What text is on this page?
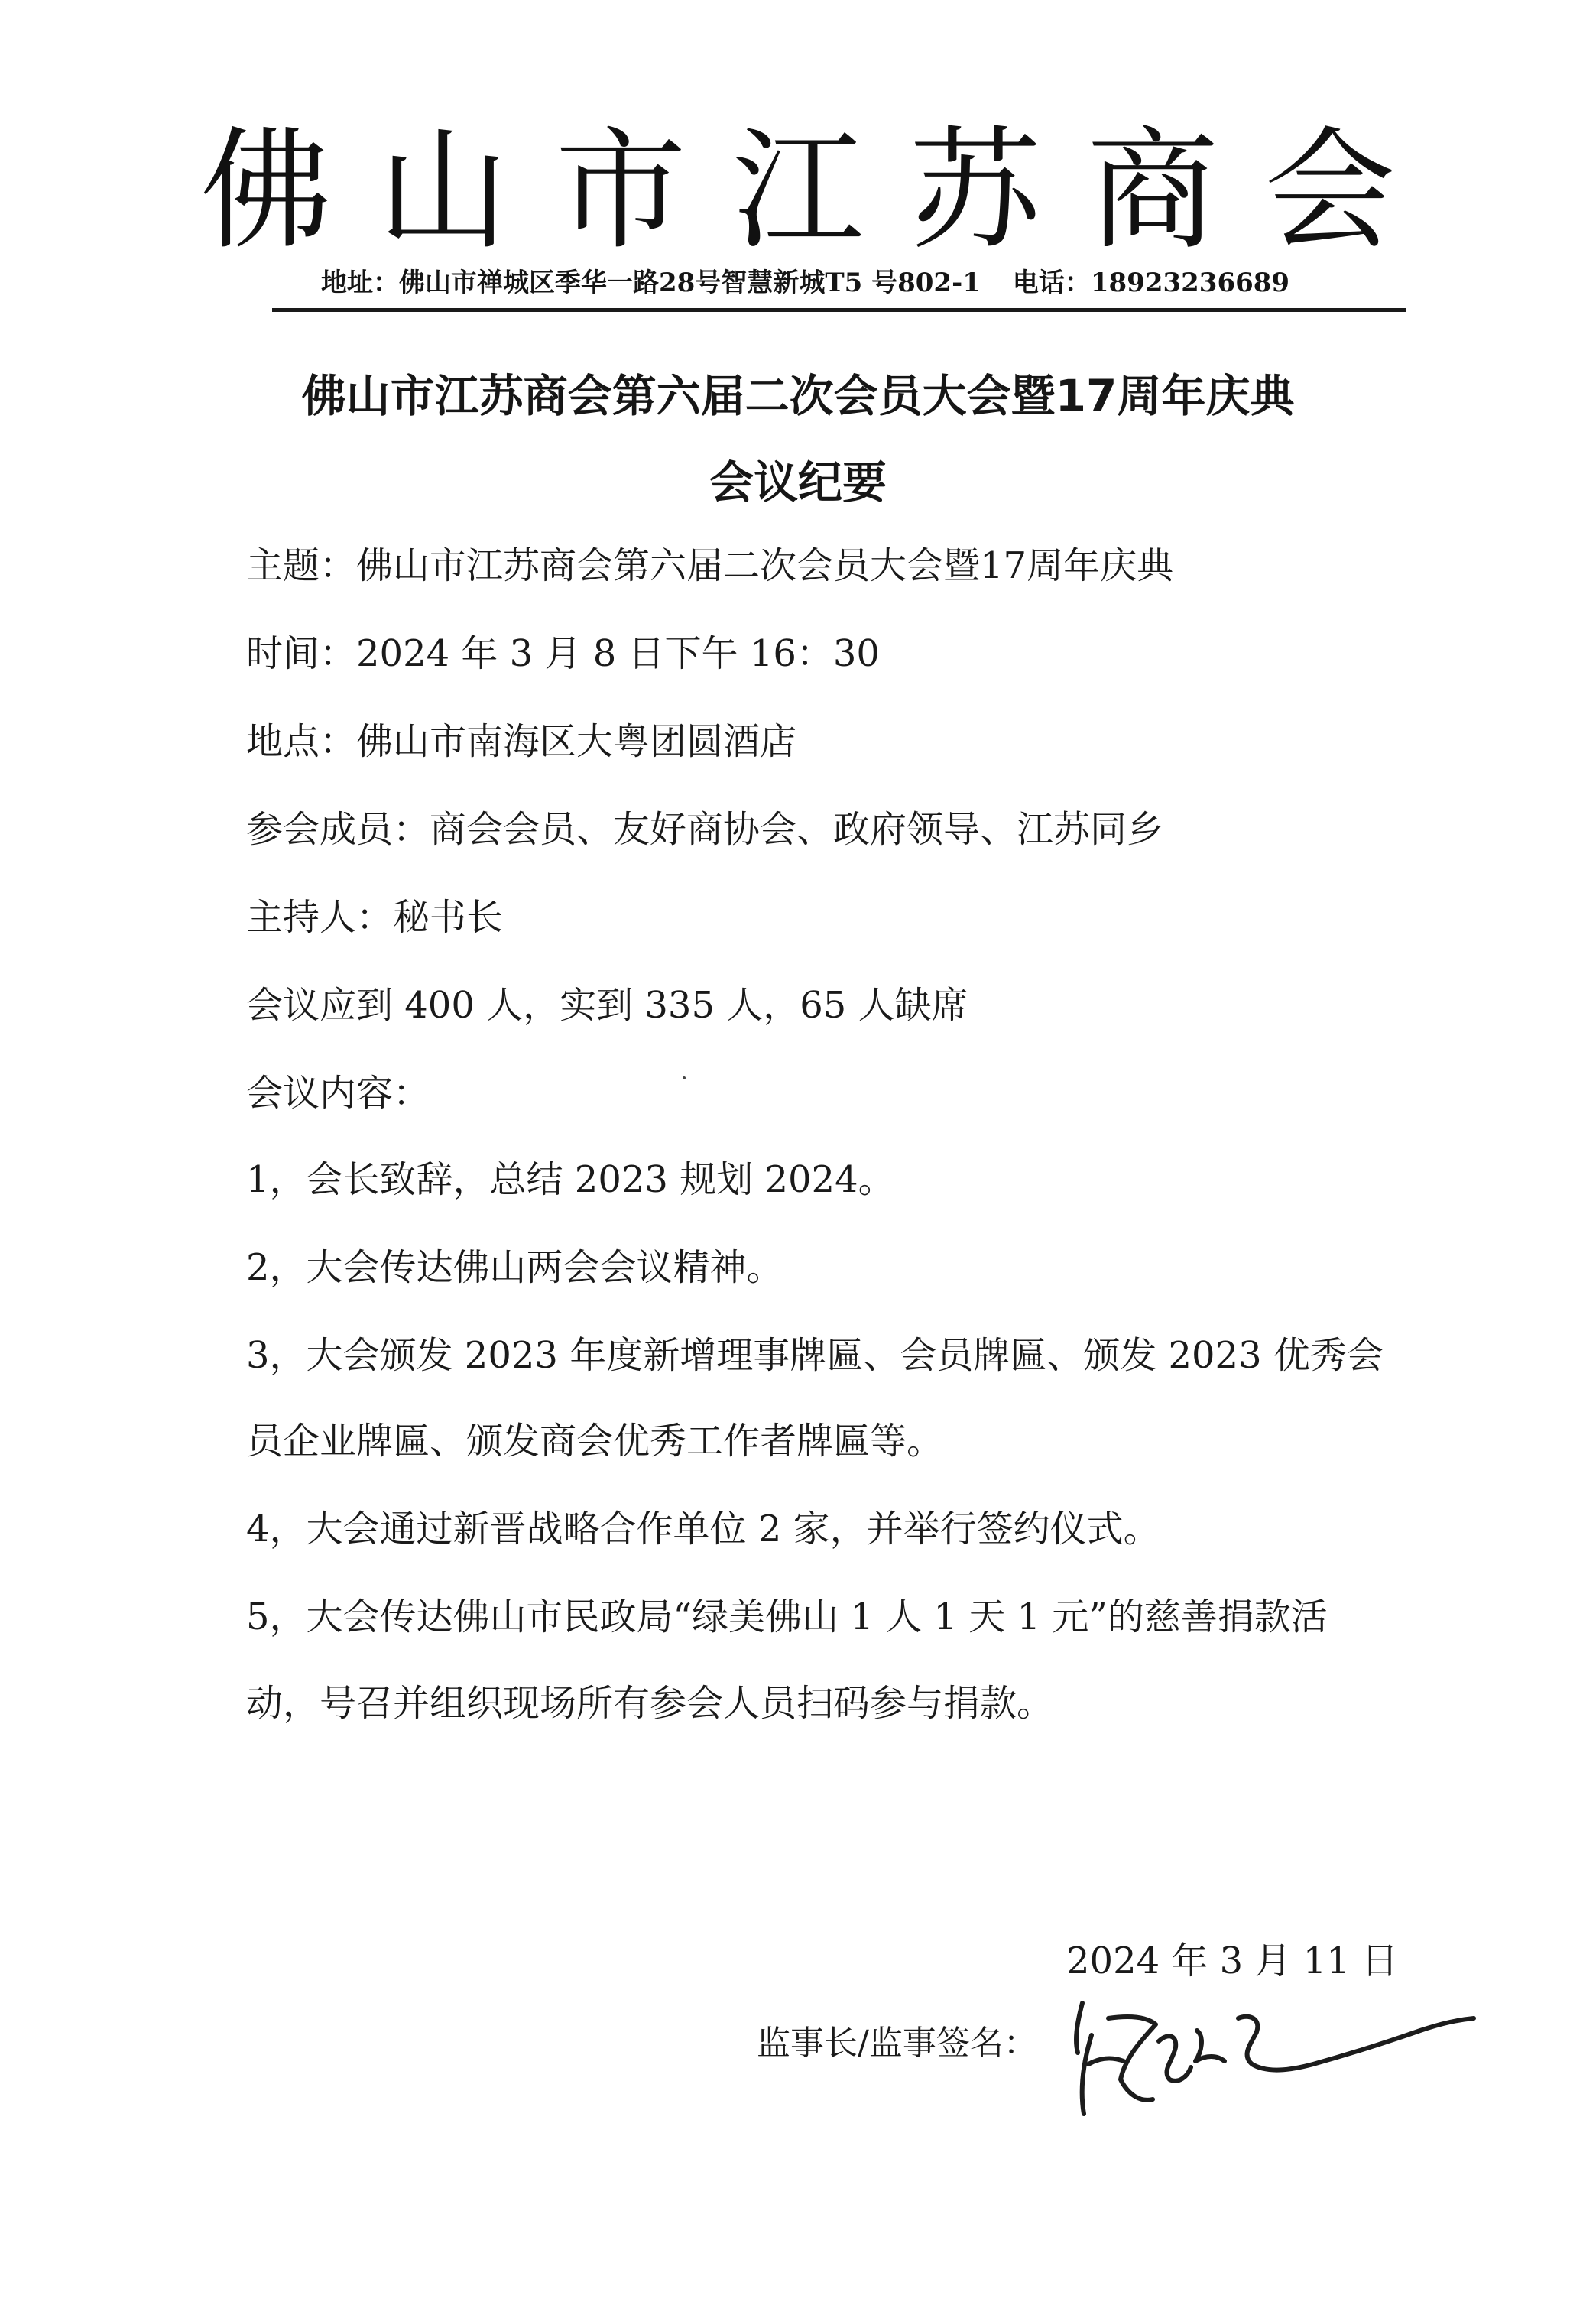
佛山市江苏商会
地址：佛山市禅城区季华一路28号智慧新城T5 号802-1 电话：18923236689
佛山市江苏商会第六届二次会员大会暨17周年庆典
会议纪要
主题：佛山市江苏商会第六届二次会员大会暨17周年庆典
时间：2024 年 3 月 8 日下午 16：30
地点：佛山市南海区大粤团圆酒店
参会成员：商会会员、友好商协会、政府领导、江苏同乡
主持人：秘书长
会议应到 400 人，实到 335 人，65 人缺席
会议内容：
1，会长致辞，总结 2023 规划 2024。
2，大会传达佛山两会会议精神。
3，大会颁发 2023 年度新增理事牌匾、会员牌匾、颁发 2023 优秀会
员企业牌匾、颁发商会优秀工作者牌匾等。
4，大会通过新晋战略合作单位 2 家，并举行签约仪式。
5，大会传达佛山市民政局“绿美佛山 1 人 1 天 1 元”的慈善捐款活
动，号召并组织现场所有参会人员扫码参与捐款。
2024 年 3 月 11 日
监事长/监事签名：
